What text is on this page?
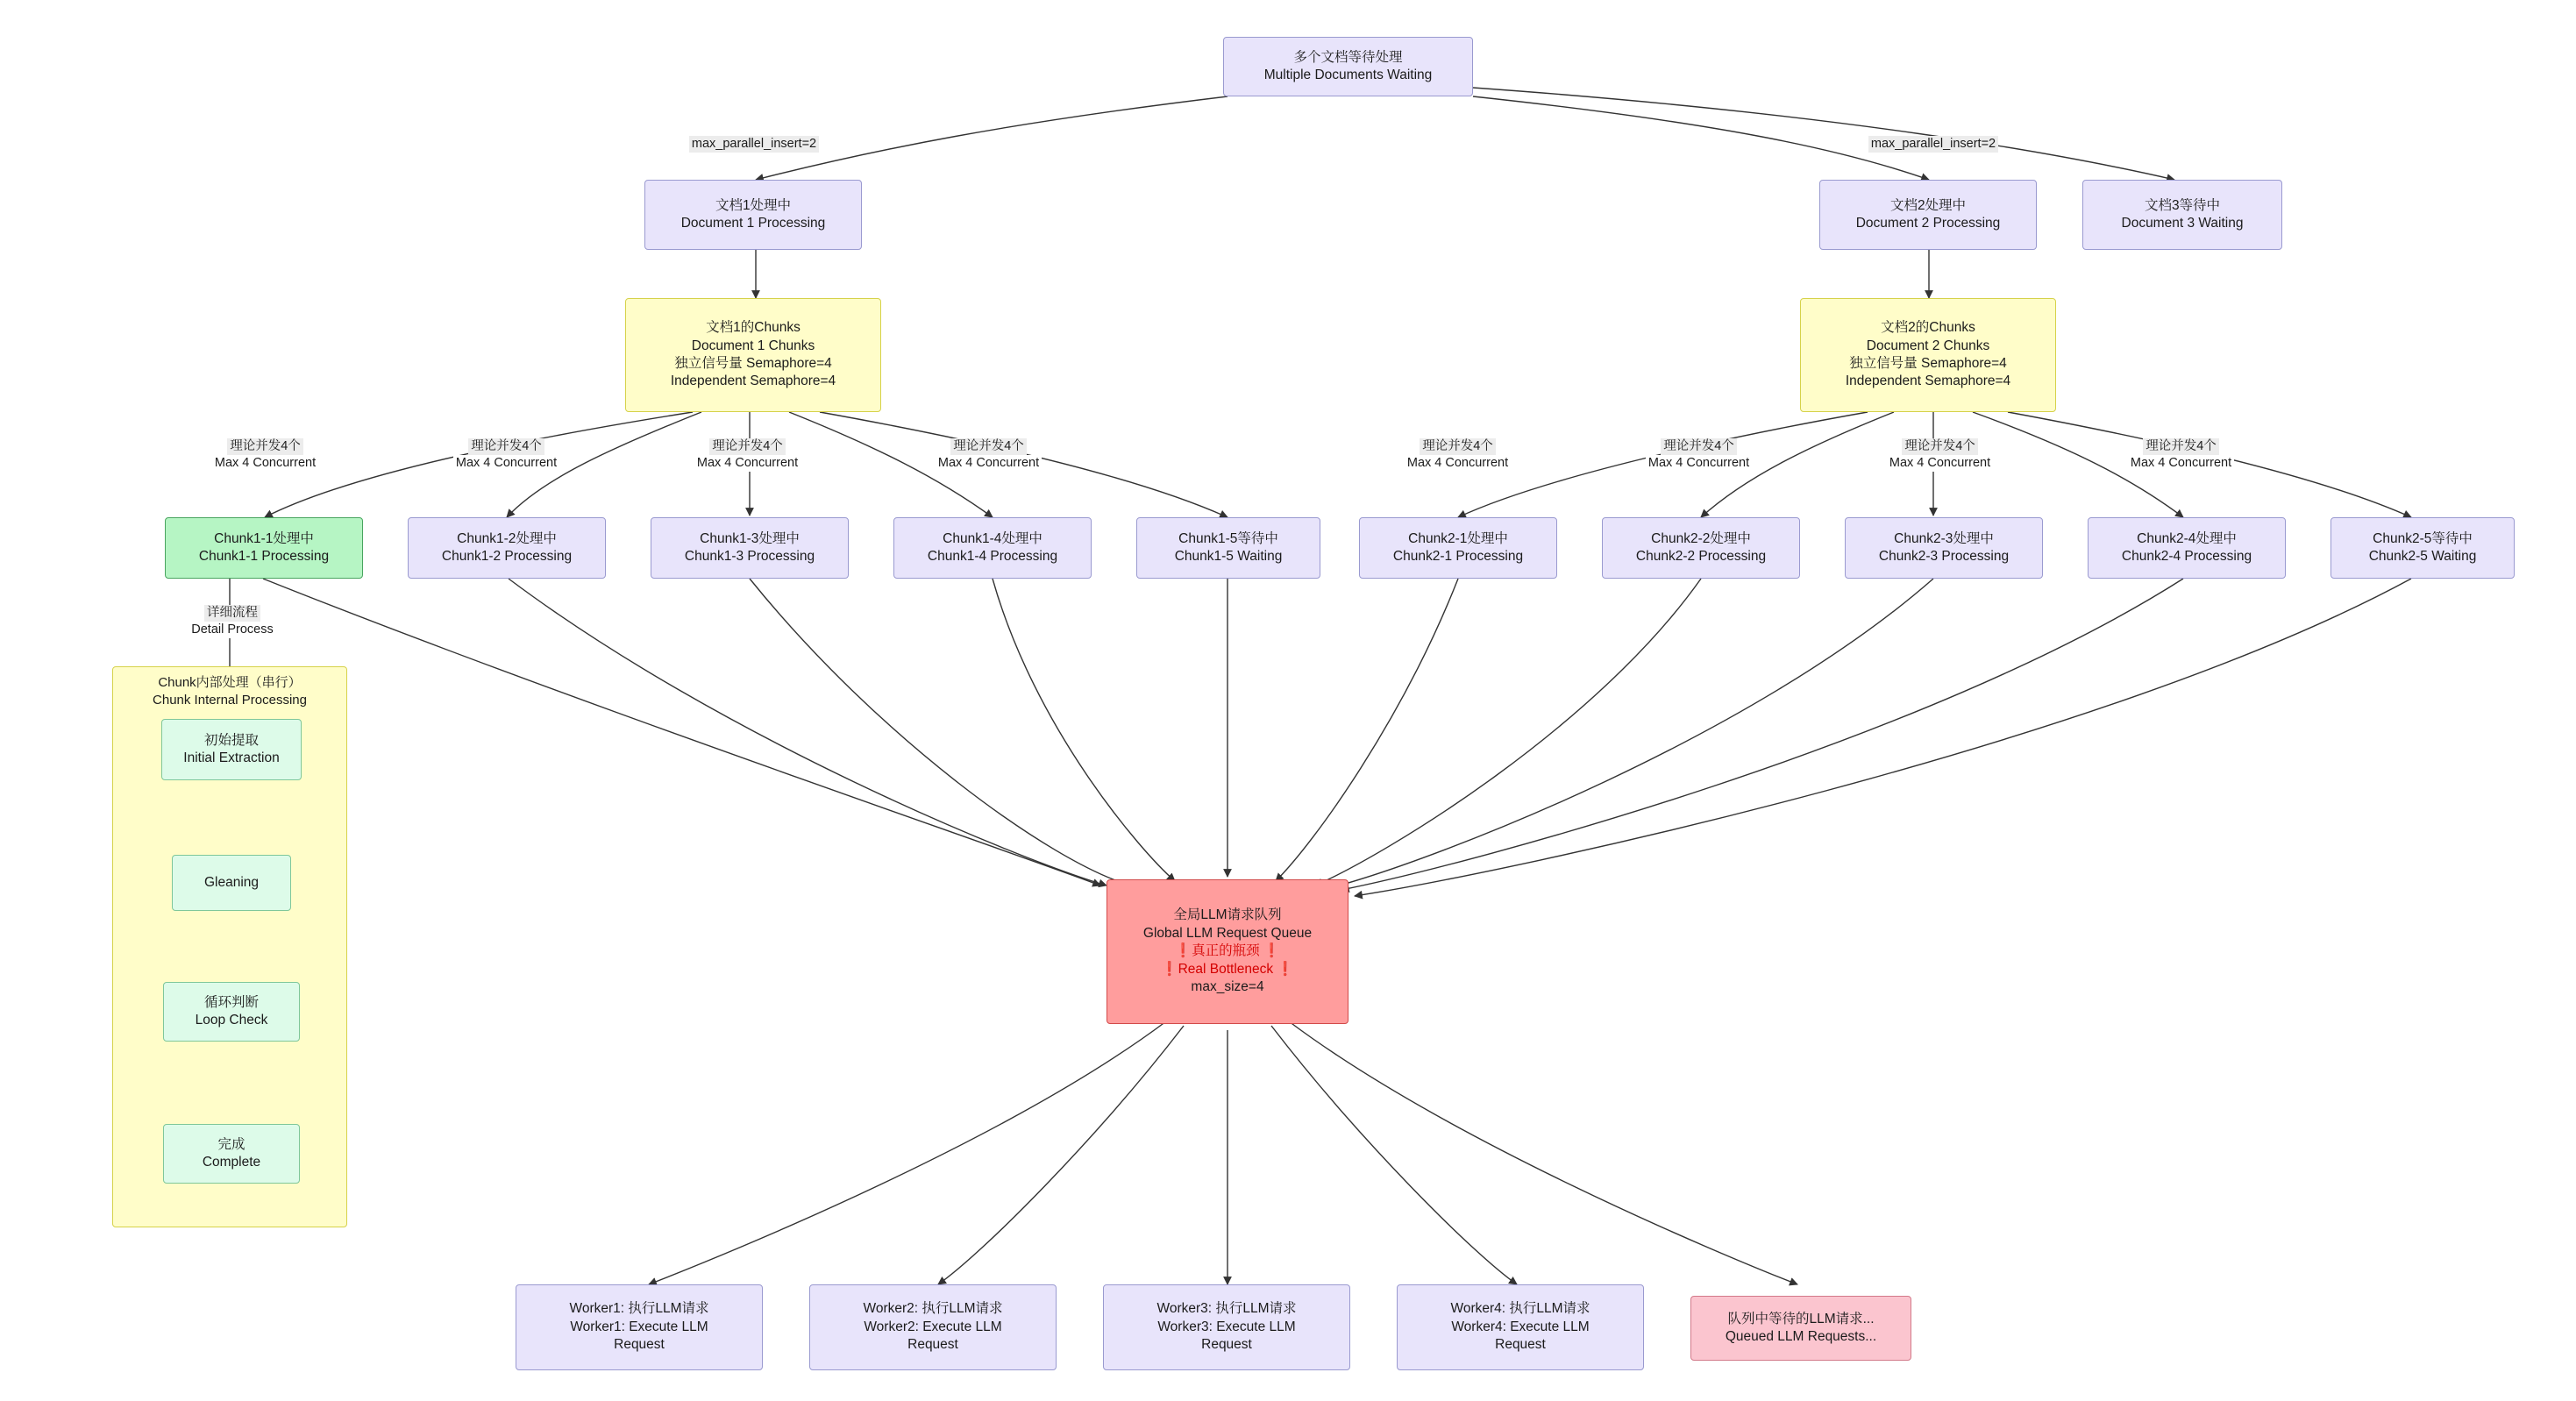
多个文档等待处理
Multiple Documents Waiting
max_parallel_insert=2	max_parallel_insert=2
文档1处理中
Document 1 Processing
文档2处理中
Document 2 Processing
文档3等待中
Document 3 Waiting
文档1的Chunks
Document 1 Chunks
独立信号量 Semaphore=4
Independent Semaphore=4
文档2的Chunks
Document 2 Chunks
独立信号量 Semaphore=4
Independent Semaphore=4
理论并发4个
Max 4 Concurrent
理论并发4个
Max 4 Concurrent
理论并发4个
Max 4 Concurrent
理论并发4个
Max 4 Concurrent
理论并发4个
Max 4 Concurrent
理论并发4个
Max 4 Concurrent
理论并发4个
Max 4 Concurrent
理论并发4个
Max 4 Concurrent
Chunk1-1处理中
Chunk1-1 Processing
Chunk1-2处理中
Chunk1-2 Processing
Chunk1-3处理中
Chunk1-3 Processing
Chunk1-4处理中
Chunk1-4 Processing
Chunk1-5等待中
Chunk1-5 Waiting
Chunk2-1处理中
Chunk2-1 Processing
Chunk2-2处理中
Chunk2-2 Processing
Chunk2-3处理中
Chunk2-3 Processing
Chunk2-4处理中
Chunk2-4 Processing
Chunk2-5等待中
Chunk2-5 Waiting
详细流程
Detail Process
Chunk内部处理（串行）
Chunk Internal Processing
初始提取
Initial Extraction
Gleaning
循环判断
Loop Check
完成
Complete
全局LLM请求队列
Global LLM Request Queue
❗真正的瓶颈 ❗
❗Real Bottleneck ❗
max_size=4
Worker1: 执行LLM请求
Worker1: Execute LLM
Request
Worker2: 执行LLM请求
Worker2: Execute LLM
Request
Worker3: 执行LLM请求
Worker3: Execute LLM
Request
Worker4: 执行LLM请求
Worker4: Execute LLM
Request
队列中等待的LLM请求...
Queued LLM Requests...
